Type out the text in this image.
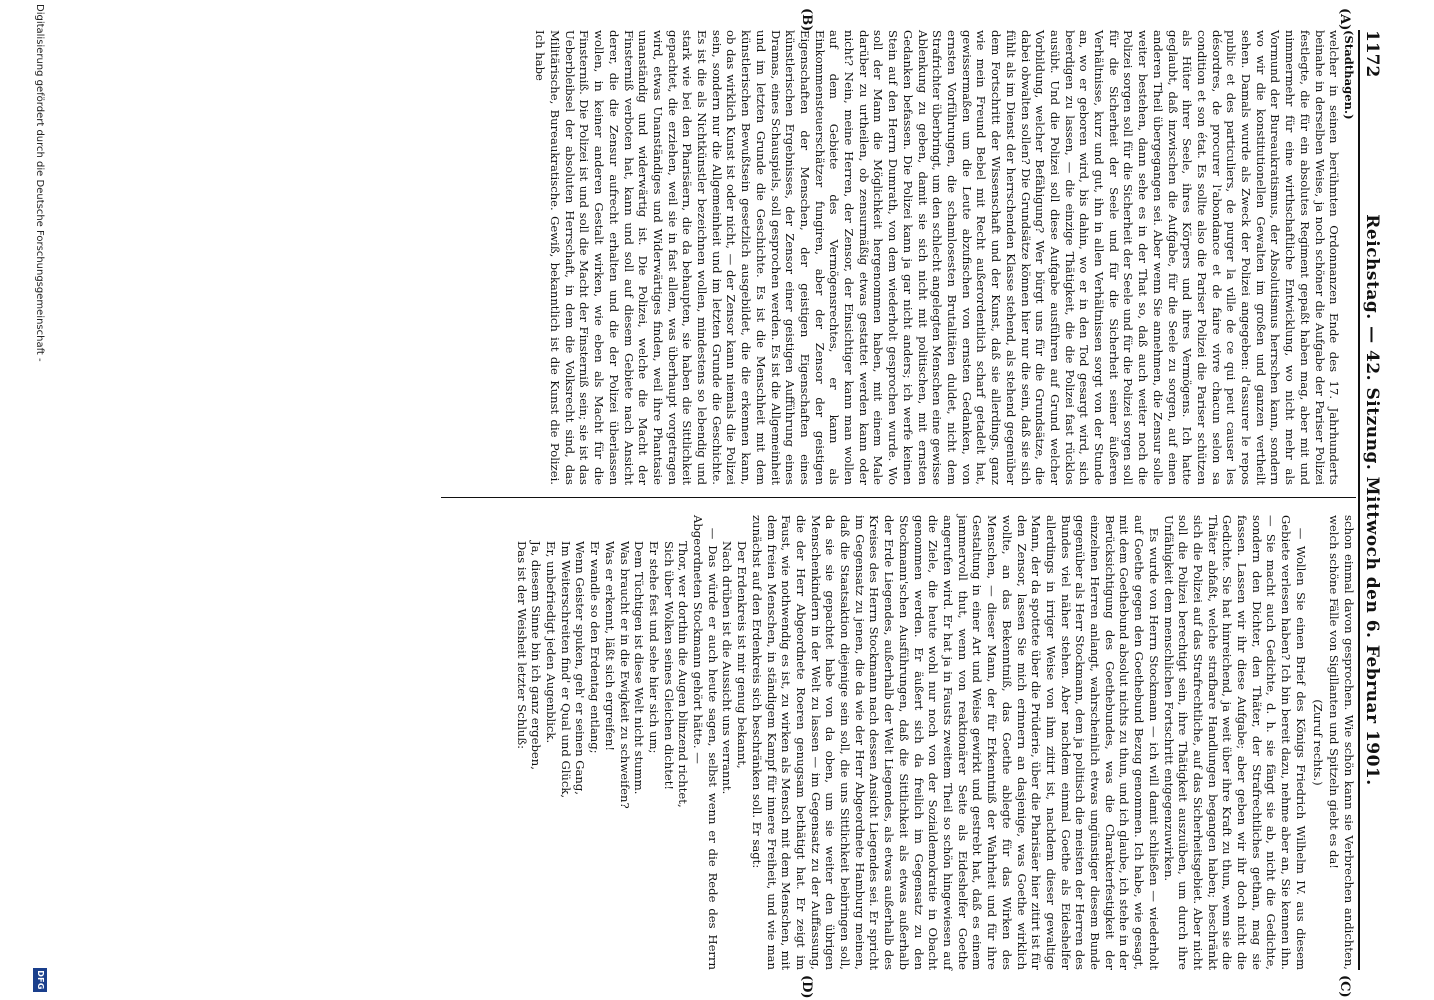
1172
Reichstag. — 42. Sitzung. Mittwoch den 6. Februar 1901.
(A)
(B)
(C)
(D)

(Stadthagen.)

welcher in seinen berühmten Ordonnanzen Ende des 17. Jahrhunderts beinahe in derselben Weise, ja noch schöner die Aufgabe der Pariser Polizei festlegte, die für ein absolutes Regiment gepaßt haben mag, aber mit und nimmermehr für eine wirthschaftliche Entwicklung, wo nicht mehr als Vormund der Bureaukratismus, der Absolutismus herrschen kann, sondern wo wir die konstitutionellen Gewalten im großen und ganzen vertheilt sehen. Damals wurde als Zweck der Polizei angegeben: d'assurer le repos public et des particuliers, de purger la ville de ce qui peut causer les désordres, de procurer l'abondance et de faire vivre chacun selon sa condition et son état. Es sollte also die Pariser Polizei die Pariser schützen als Hüter ihrer Seele, ihres Körpers und ihres Vermögens. Ich hatte geglaubt, daß inzwischen die Aufgabe, für die Seele zu sorgen, auf einen anderen Theil übergegangen sei. Aber wenn Sie annehmen, die Zensur solle weiter bestehen, dann sehe es in der That so, daß auch weiter noch die Polizei sorgen soll für die Sicherheit der Seele und für die Polizei sorgen soll für die Sicherheit der Seele und für die Sicherheit seiner äußeren Verhältnisse, kurz und gut, ihn in allen Verhältnissen sorgt von der Stunde an, wo er geboren wird, bis dahin, wo er in den Tod gesargt wird, sich beerdigen zu lassen, — die einzige Thätigkeit, die die Polizei fast rücklos ausübt. Und die Polizei soll diese Aufgabe ausführen auf Grund welcher Vorbildung, welcher Befähigung? Wer bürgt uns für die Grundsätze, die dabei obwalten sollen? Die Grundsätze können hier nur die sein, daß sie sich fühlt als im Dienst der herrschenden Klasse stehend, als stehend gegenüber dem Fortschritt der Wissenschaft und der Kunst, daß sie allerdings, ganz wie mein Freund Bebel mit Recht außerordentlich scharf getadelt hat, gewissermaßen um die Leute abzufischen von ernsten Gedanken, von ernsten Vorführungen, die schamlosesten Brutalitäten duldet, nicht dem Strafrichter überbringt, um den schlecht angelegten Menschen eine gewisse Ablenkung zu geben, damit sie sich nicht mit politischen, mit ernsten Gedanken befassen. Die Polizei kann ja gar nicht anders; ich werfe keinen Stein auf den Herrn Dumrath, von dem wiederholt gesprochen wurde. Wo soll der Mann die Möglichkeit hergenommen haben, mit einem Male darüber zu urtheilen, ob zensurmäßig etwas gestattet werden kann oder nicht? Nein, meine Herren, der Zensor, der Einsichtiger kann man wollen auf dem Gebiete des Vermögensrechtes, er kann als Einkommensteuerschätzer fungiren, aber der Zensor der geistigen Eigenschaften der Menschen, der geistigen Eigenschaften eines künstlerischen Ergebnisses, der Zensor einer geistigen Aufführung eines Dramas, eines Schauspiels, soll gesprochen werden. Es ist die Allgemeinheit und im letzten Grunde die Geschichte. Es ist die Menschheit mit dem künstlerischen Bewußtsein gesetzlich ausgebildet, die die erkennen kann, ob das wirklich Kunst ist oder nicht, — der Zensor kann niemals die Polizei sein, sondern nur die Allgemeinheit und im letzten Grunde die Geschichte. Es ist die als Nichtkünstler bezeichnen wollen, mindestens so lebendig und stark wie bei den Pharisäern, die da behaupten, sie haben die Sittlichkeit gepachtet, die erziehen, weil sie in fast allem, was überhaupt vorgetragen wird, etwas Unanständiges und Widerwärtiges finden, weil ihre Phantasie unanständig und widerwärtig ist. Die Polizei, welche die Macht der Finsterniß verboten hat, kann und soll auf diesem Gebiete nach Ansicht derer, die die Zensur aufrecht erhalten und die der Polizei überlassen wollen, in keiner anderen Gestalt wirken, wie eben als Macht für die Finsterniß. Die Polizei ist und soll die Macht der Finsterniß sein; sie ist das Ueberbleibsel der absoluten Herrschaft, in dem die Volksrecht sind, das Militärische, Bureaukratische. Gewiß, bekanntlich ist die Kunst die Polizei. Ich habe

schon einmal davon gesprochen. Wie schön kann sie Verbrechen andichten, welch schöne Fälle von Sigillanten und Spitzeln giebt es da!

(Zuruf rechts.)

— Wollen Sie einen Brief des Königs Friedrich Wilhelm IV. aus diesem Gebiete verlesen haben? Ich bin bereit dazu, nehme aber an, Sie kennen ihn. — Sie macht auch Gedichte, d. h. sie fängt sie ab, nicht die Gedichte, sondern den Dichter, den Thäter, der Strafrechtliches gethan, mag sie fassen. Lassen wir ihr diese Aufgabe; aber geben wir ihr doch nicht die Gedichte. Sie hat hinreichend, ja weit über ihre Kraft zu thun, wenn sie die Thäter abfaßt, welche strafbare Handlungen begangen haben; beschränkt sich die Polizei auf das Strafrechtliche, auf das Sicherheitsgebiet. Aber nicht soll die Polizei berechtigt sein, ihre Thätigkeit auszuüben, um durch ihre Unfähigkeit dem menschlichen Fortschritt entgegenzuwirken.

Es wurde von Herrn Stockmann — ich will damit schließen — wiederholt auf Goethe gegen den Goethebund Bezug genommen. Ich habe, wie gesagt, mit dem Goethebund absolut nichts zu thun, und ich glaube, ich stehe in der Berücksichtigung des Goethebundes, was die Charakterfestigkeit der einzelnen Herren anlangt, wahrscheinlich etwas ungünstiger diesem Bunde gegenüber als Herr Stockmann, dem ja politisch die meisten der Herren des Bundes viel näher stehen. Aber nachdem einmal Goethe als Eideshelfer allerdings in irriger Weise von ihm zitirt ist, nachdem dieser gewaltige Mann, der da spottete über die Prüderie, über die Pharisäer hier zitirt ist für den Zensor, lassen Sie mich erinnern an dasjenige, was Goethe wirklich wollte, an das Bekenntniß, das Goethe ablegte für das Wirken des Menschen, — dieser Mann, der für Erkenntniß der Wahrheit und für ihre Gestaltung in einer Art und Weise gewirkt und gestrebt hat, daß es einem jammervoll thut, wenn von reaktionärer Seite als Eideshelfer Goethe angerufen wird. Er hat ja in Fausts zweitem Theil so schön hingewiesen auf die Ziele, die heute wohl nur noch von der Sozialdemokratie in Obacht genommen werden. Er äußert sich da freilich im Gegensatz zu den Stockmann'schen Ausführungen, daß die Sittlichkeit als etwas außerhalb der Erde Liegendes, außerhalb der Welt Liegendes, als etwas außerhalb des Kreises des Herrn Stockmann nach dessen Ansicht Liegendes sei. Er spricht im Gegensatz zu jenen, die da wie der Herr Abgeordnete Hamburg meinen, daß die Staatsaktion diejenige sein soll, die uns Sittlichkeit beibringen soll, da sie sie gepachtet habe von da oben, um sie weiter den übrigen Menschenkindern in der Welt zu lassen — im Gegensatz zu der Auffassung, die der Herr Abgeordnete Roeren genugsam bethätigt hat. Er zeigt im Faust, wie nothwendig es ist, zu wirken als Mensch mit dem Menschen, mit dem freien Menschen, in ständigem Kampf für innere Freiheit, und wie man zunächst auf den Erdenkreis sich beschränken soll. Er sagt:

Der Erdenkreis ist mir genug bekannt,
Nach drüben ist die Aussicht uns verrannt.

— Das würde er auch heute sagen, selbst wenn er die Rede des Herrn Abgeordneten Stockmann gehört hätte. —

Thor, wer dorthin die Augen blinzend richtet,
Sich über Wolken seines Gleichen dichtet!
Er stehe fest und sehe hier sich um;
Dem Tüchtigen ist diese Welt nicht stumm.
Was braucht er in die Ewigkeit zu schweifen?
Was er erkennt, läßt sich ergreifen!
Er wandle so den Erdentag entlang;
Wenn Geister spuken, geh' er seinen Gang,
Im Weiterschreiten find' er Qual und Glück,
Er, unbefriedigt jeden Augenblick.
Ja, diesem Sinne bin ich ganz ergeben,
Das ist der Weisheit letzter Schluß:
Digitalisierung gefördert durch die Deutsche Forschungsgemeinschaft -
DFG
